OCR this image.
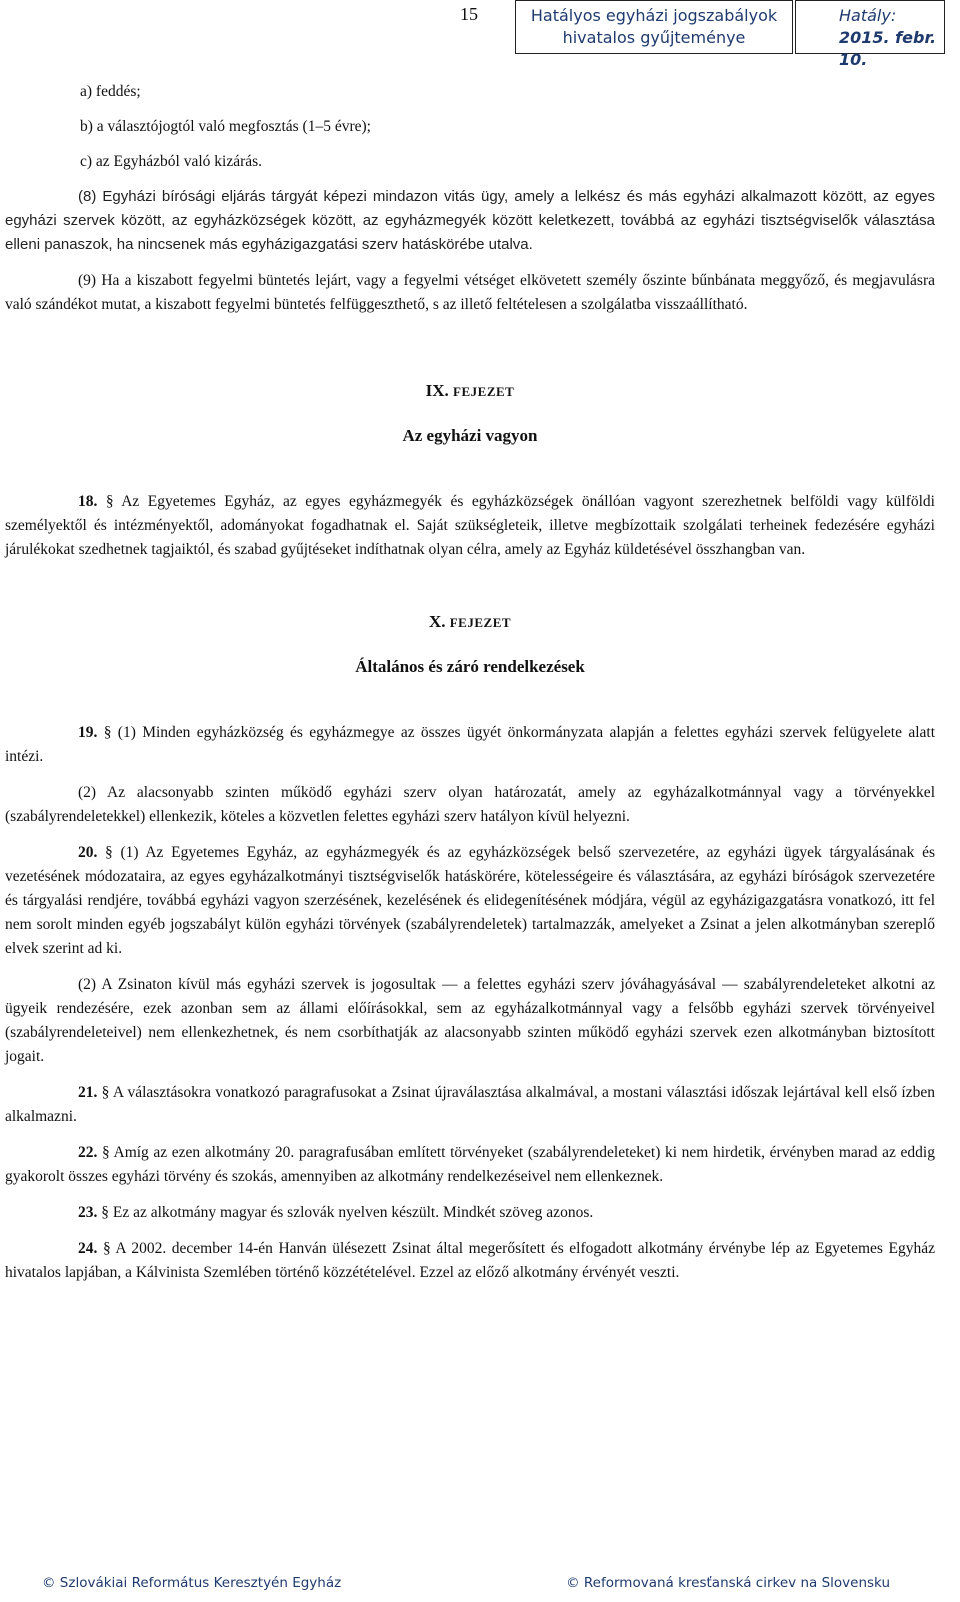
15	Hatályos egyházi jogszabályok
hivatalos gyűjteménye
Hatály:
2015. febr. 10.

a) feddés;

b) a választójogtól való megfosztás (1–5 évre);

c) az Egyházból való kizárás.

(8) Egyházi bírósági eljárás tárgyát képezi mindazon vitás ügy, amely a lelkész és más egyházi alkalmazott között, az egyes egyházi szervek között, az egyházközségek között, az egyházmegyék között keletkezett, továbbá az egyházi tisztségviselők választása elleni panaszok, ha nincsenek más egyházigazgatási szerv hatáskörébe utalva.

(9) Ha a kiszabott fegyelmi büntetés lejárt, vagy a fegyelmi vétséget elkövetett személy őszinte bűnbánata meggyőző, és megjavulásra való szándékot mutat, a kiszabott fegyelmi büntetés felfüggeszthető, s az illető feltételesen a szolgálatba visszaállítható.

IX. FEJEZET

Az egyházi vagyon

18. § Az Egyetemes Egyház, az egyes egyházmegyék és egyházközségek önállóan vagyont szerezhetnek belföldi vagy külföldi személyektől és intézményektől, adományokat fogadhatnak el. Saját szükségleteik, illetve megbízottaik szolgálati terheinek fedezésére egyházi járulékokat szedhetnek tagjaiktól, és szabad gyűjtéseket indíthatnak olyan célra, amely az Egyház küldetésével összhangban van.

X. FEJEZET

Általános és záró rendelkezések

19. § (1) Minden egyházközség és egyházmegye az összes ügyét önkormányzata alapján a felettes egyházi szervek felügyelete alatt intézi.

(2) Az alacsonyabb szinten működő egyházi szerv olyan határozatát, amely az egyházalkotmánnyal vagy a törvényekkel (szabályrendeletekkel) ellenkezik, köteles a közvetlen felettes egyházi szerv hatályon kívül helyezni.

20. § (1) Az Egyetemes Egyház, az egyházmegyék és az egyházközségek belső szervezetére, az egyházi ügyek tárgyalásának és vezetésének módozataira, az egyes egyházalkotmányi tisztségviselők hatáskörére, kötelességeire és választására, az egyházi bíróságok szervezetére és tárgyalási rendjére, továbbá egyházi vagyon szerzésének, kezelésének és elidegenítésének módjára, végül az egyházigazgatásra vonatkozó, itt fel nem sorolt minden egyéb jogszabályt külön egyházi törvények (szabályrendeletek) tartalmazzák, amelyeket a Zsinat a jelen alkotmányban szereplő elvek szerint ad ki.

(2) A Zsinaton kívül más egyházi szervek is jogosultak — a felettes egyházi szerv jóváhagyásával — szabályrendeleteket alkotni az ügyeik rendezésére, ezek azonban sem az állami előírásokkal, sem az egyházalkotmánnyal vagy a felsőbb egyházi szervek törvényeivel (szabályrendeleteivel) nem ellenkezhetnek, és nem csorbíthatják az alacsonyabb szinten működő egyházi szervek ezen alkotmányban biztosított jogait.

21. § A választásokra vonatkozó paragrafusokat a Zsinat újraválasztása alkalmával, a mostani választási időszak lejártával kell első ízben alkalmazni.

22. § Amíg az ezen alkotmány 20. paragrafusában említett törvényeket (szabályrendeleteket) ki nem hirdetik, érvényben marad az eddig gyakorolt összes egyházi törvény és szokás, amennyiben az alkotmány rendelkezéseivel nem ellenkeznek.

23. § Ez az alkotmány magyar és szlovák nyelven készült. Mindkét szöveg azonos.

24. § A 2002. december 14-én Hanván ülésezett Zsinat által megerősített és elfogadott alkotmány érvénybe lép az Egyetemes Egyház hivatalos lapjában, a Kálvinista Szemlében történő közzétételével. Ezzel az előző alkotmány érvényét veszti.

© Szlovákiai Református Keresztyén Egyház	© Reformovaná kresťanská cirkev na Slovensku
